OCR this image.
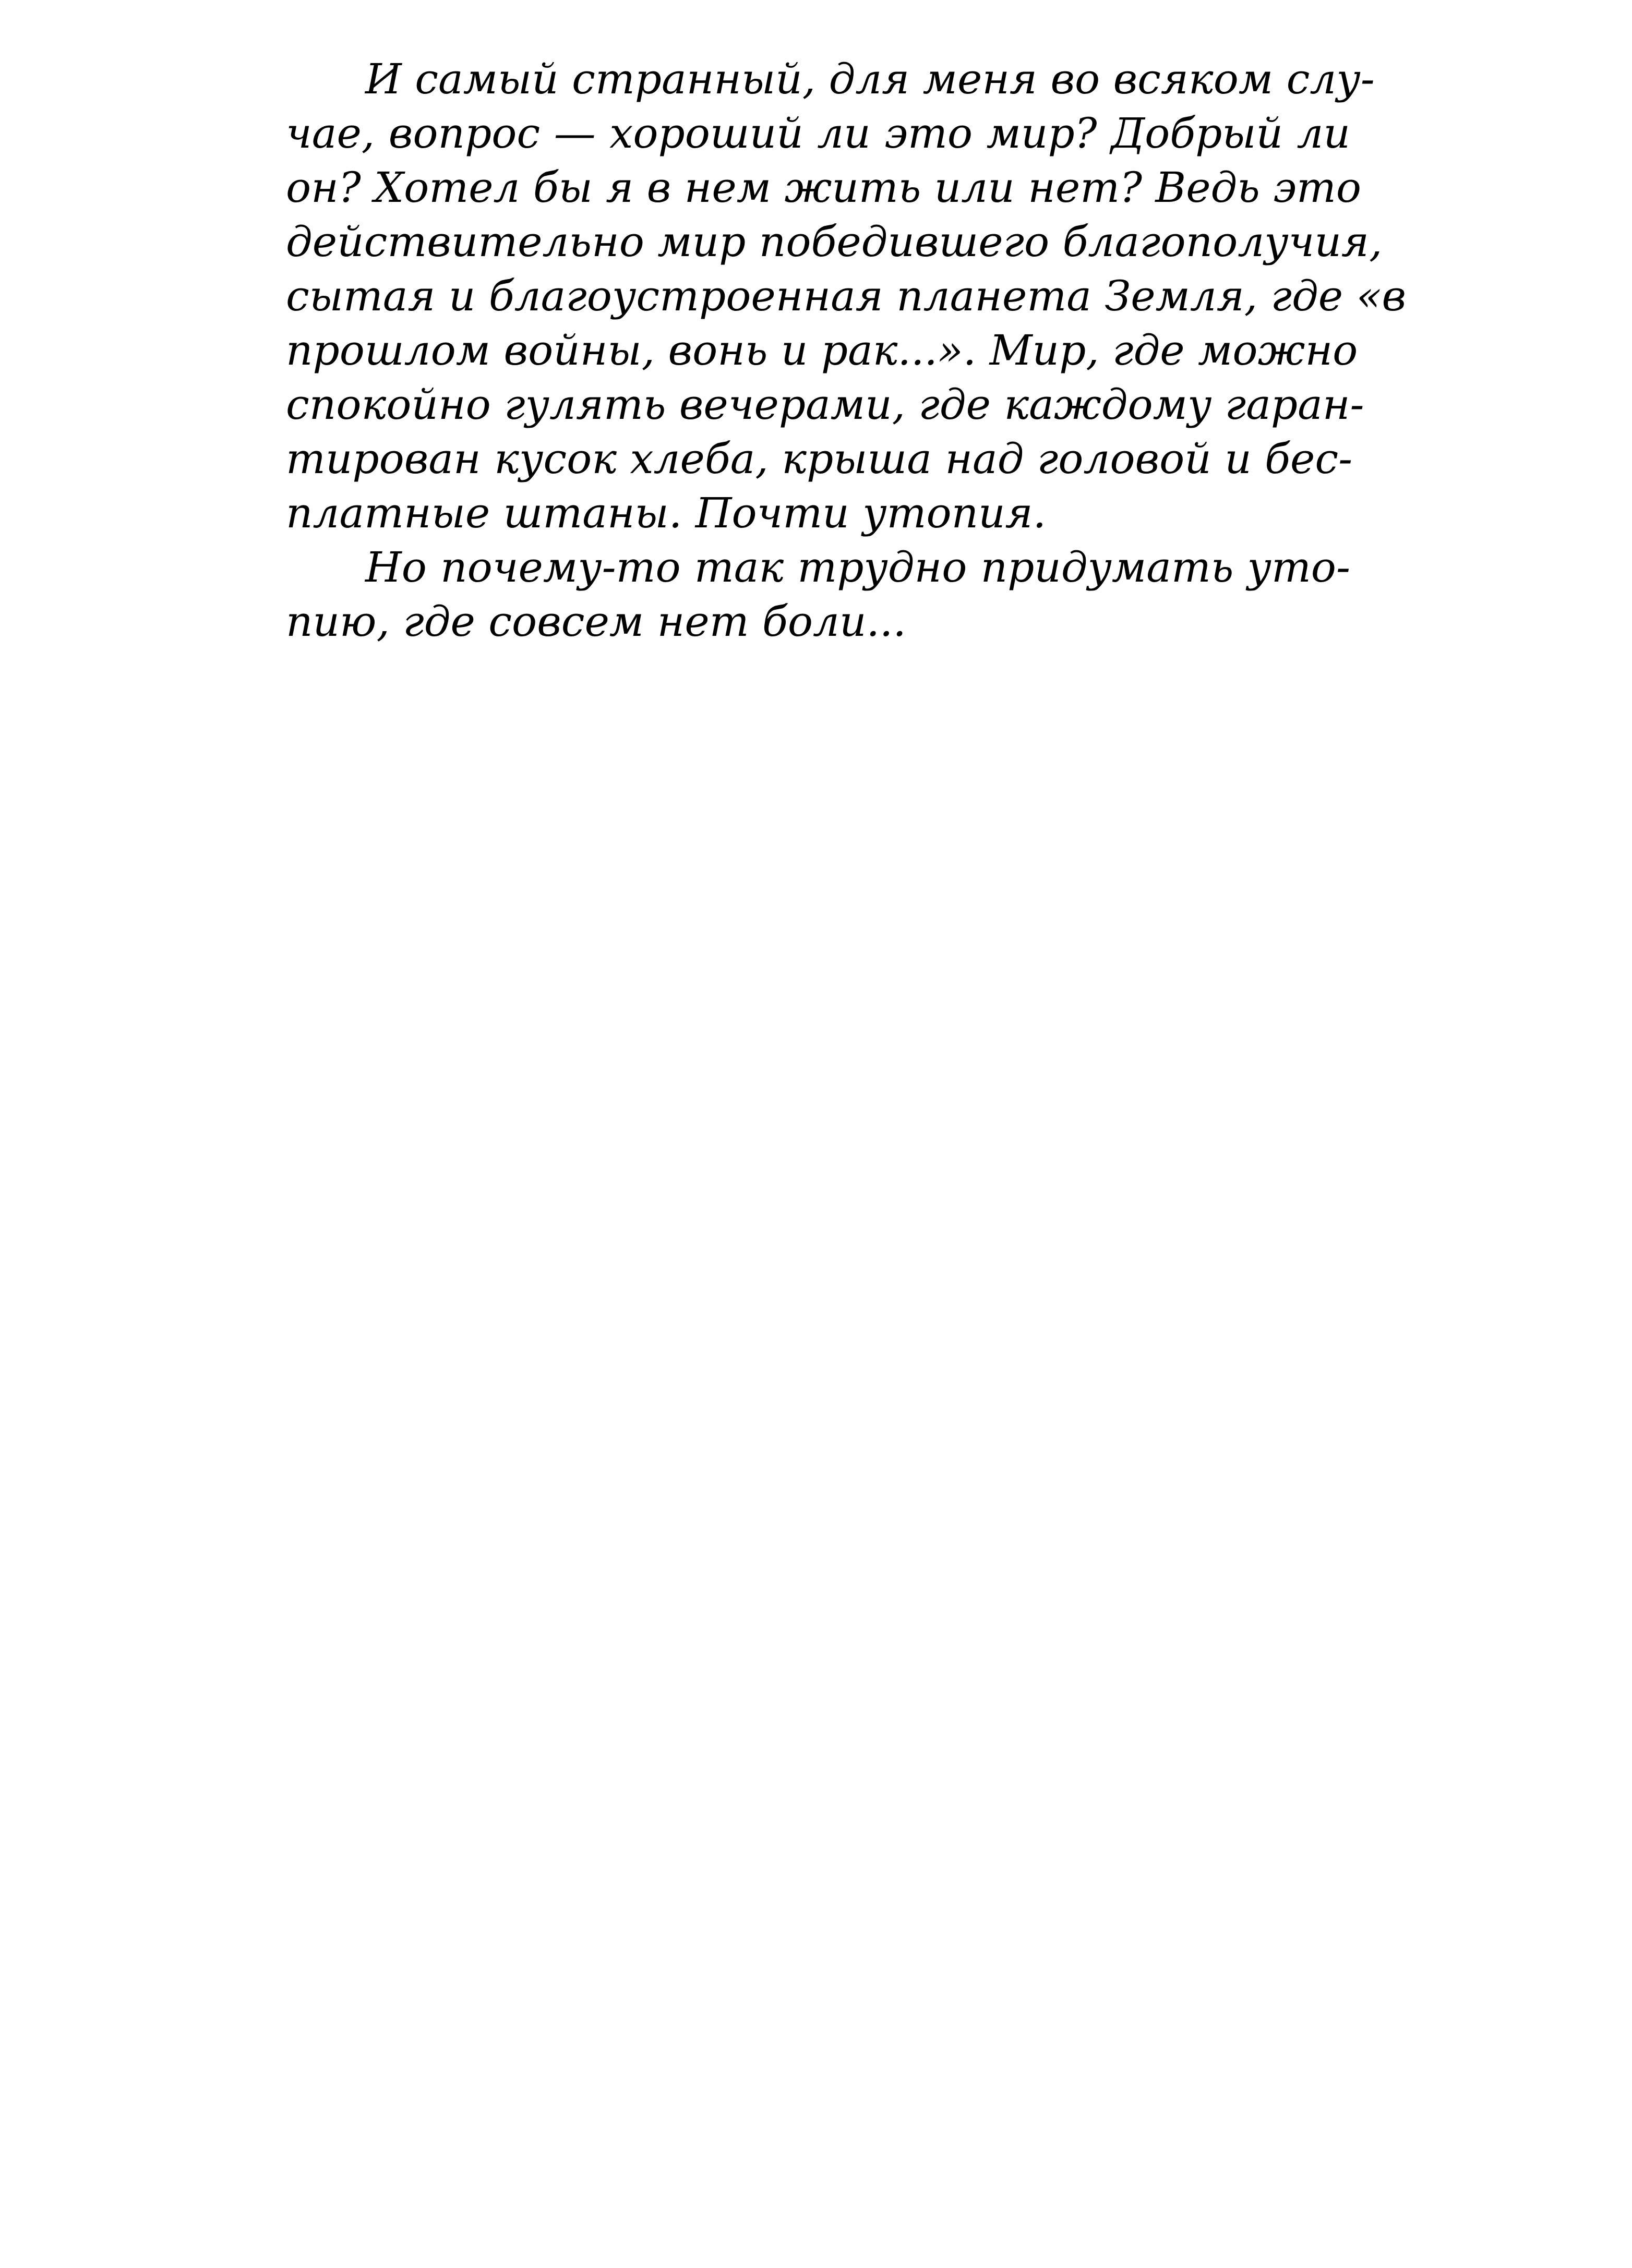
И самый странный, для меня во всяком слу-
чае, вопрос — хороший ли это мир? Добрый ли
он? Хотел бы я в нем жить или нет? Ведь это
действительно мир победившего благополучия,
сытая и благоустроенная планета Земля, где «в
прошлом войны, вонь и рак...». Мир, где можно
спокойно гулять вечерами, где каждому гаран-
тирован кусок хлеба, крыша над головой и бес-
платные штаны. Почти утопия.
Но почему-то так трудно придумать уто-
пию, где совсем нет боли...
